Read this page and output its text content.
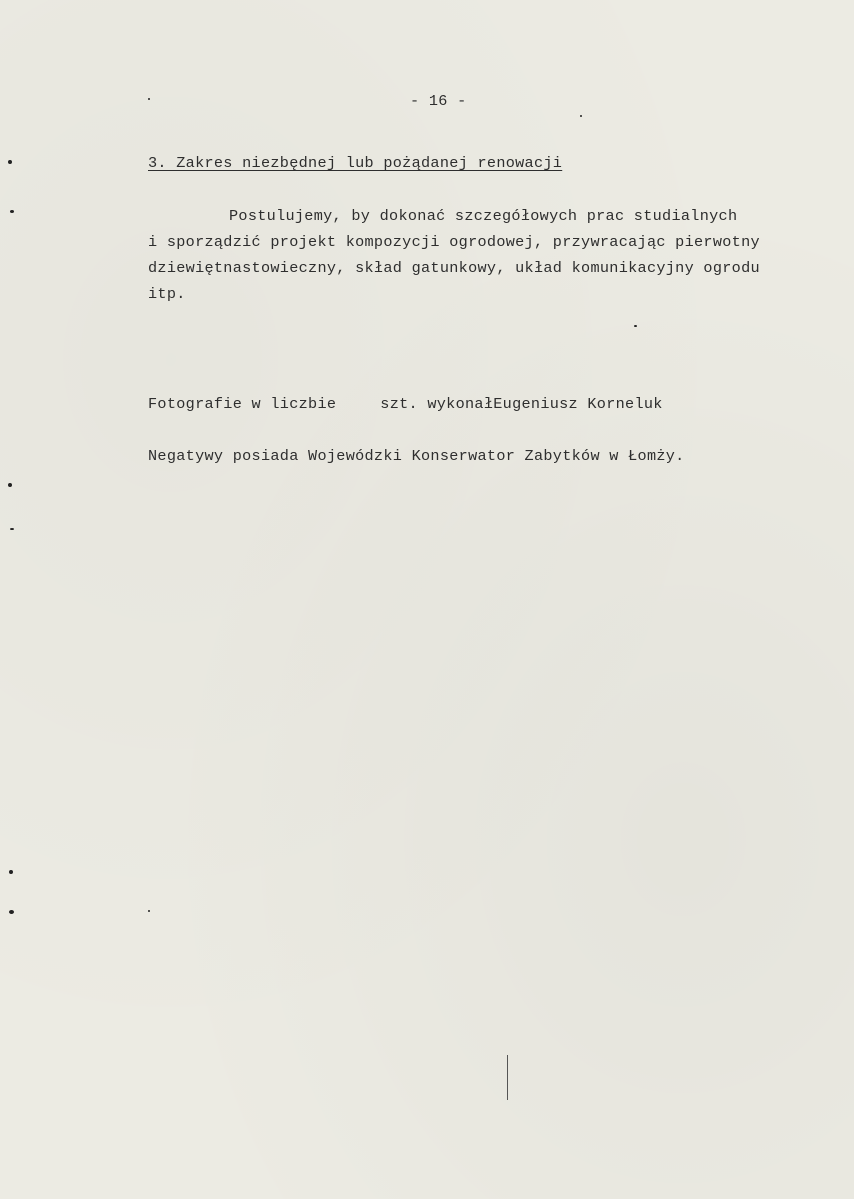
- 16 -
3. Zakres niezbędnej lub pożądanej renowacji
Postulujemy, by dokonać szczegółowych prac studialnych
i sporządzić projekt kompozycji ogrodowej, przywracając pierwotny
dziewiętnastowieczny, skład gatunkowy, układ komunikacyjny ogrodu
itp.
Fotografie w liczbie	szt. wykonałEugeniusz Korneluk
Negatywy posiada Wojewódzki Konserwator Zabytków w Łomży.
